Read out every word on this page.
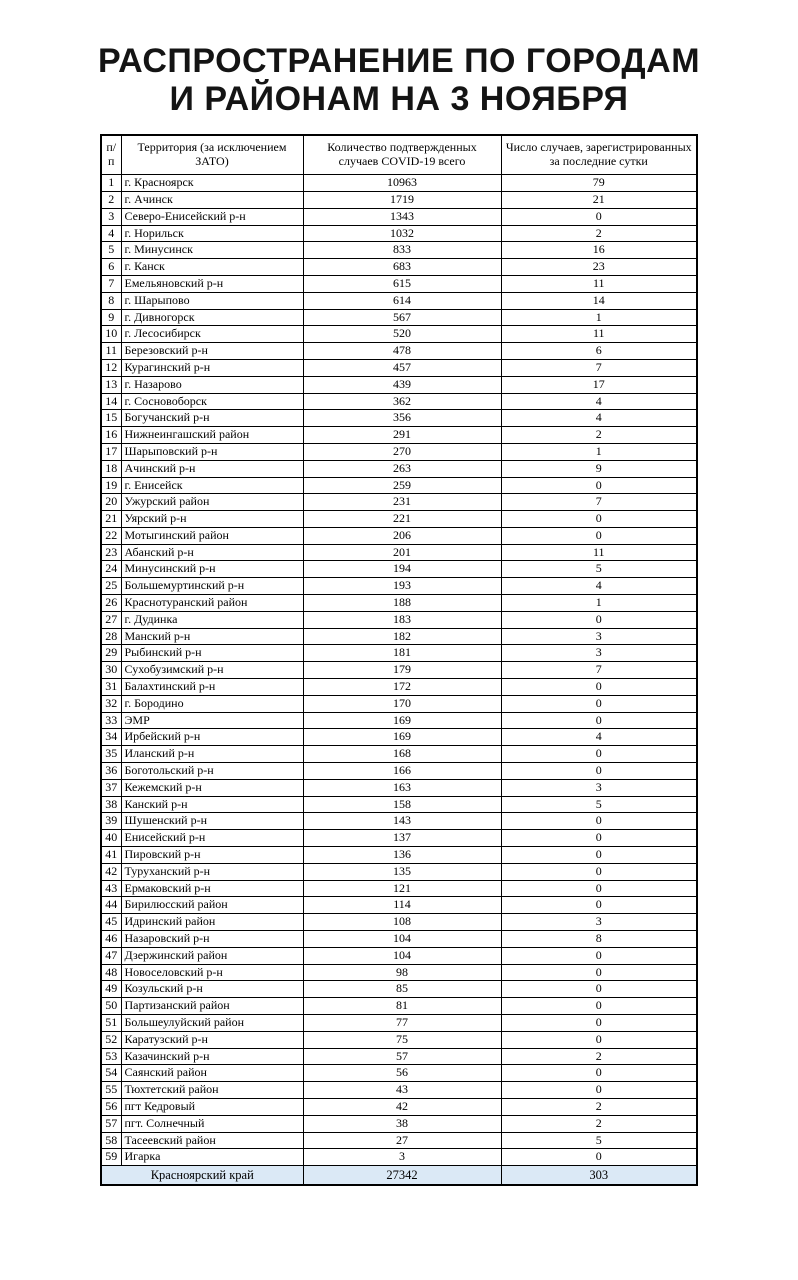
РАСПРОСТРАНЕНИЕ ПО ГОРОДАМ
И РАЙОНАМ НА 3 НОЯБРЯ
п/п	Территория (за исключением ЗАТО)	Количество подтвержденных случаев COVID-19 всего	Число случаев, зарегистрированных за последние сутки
1	г. Красноярск	10963	79
2	г. Ачинск	1719	21
3	Северо-Енисейский р-н	1343	0
4	г. Норильск	1032	2
5	г. Минусинск	833	16
6	г. Канск	683	23
7	Емельяновский р-н	615	11
8	г. Шарыпово	614	14
9	г. Дивногорск	567	1
10	г. Лесосибирск	520	11
11	Березовский р-н	478	6
12	Курагинский р-н	457	7
13	г. Назарово	439	17
14	г. Сосновоборск	362	4
15	Богучанский р-н	356	4
16	Нижнеингашский район	291	2
17	Шарыповский р-н	270	1
18	Ачинский р-н	263	9
19	г. Енисейск	259	0
20	Ужурский район	231	7
21	Уярский р-н	221	0
22	Мотыгинский район	206	0
23	Абанский р-н	201	11
24	Минусинский р-н	194	5
25	Большемуртинский р-н	193	4
26	Краснотуранский район	188	1
27	г. Дудинка	183	0
28	Манский р-н	182	3
29	Рыбинский р-н	181	3
30	Сухобузимский р-н	179	7
31	Балахтинский р-н	172	0
32	г. Бородино	170	0
33	ЭМР	169	0
34	Ирбейский р-н	169	4
35	Иланский р-н	168	0
36	Боготольский р-н	166	0
37	Кежемский р-н	163	3
38	Канский р-н	158	5
39	Шушенский р-н	143	0
40	Енисейский р-н	137	0
41	Пировский р-н	136	0
42	Туруханский р-н	135	0
43	Ермаковский р-н	121	0
44	Бирилюсский район	114	0
45	Идринский район	108	3
46	Назаровский р-н	104	8
47	Дзержинский район	104	0
48	Новоселовский р-н	98	0
49	Козульский р-н	85	0
50	Партизанский район	81	0
51	Большеулуйский район	77	0
52	Каратузский р-н	75	0
53	Казачинский р-н	57	2
54	Саянский район	56	0
55	Тюхтетский район	43	0
56	пгт Кедровый	42	2
57	пгт. Солнечный	38	2
58	Тасеевский район	27	5
59	Игарка	3	0
Красноярский край		27342	303
